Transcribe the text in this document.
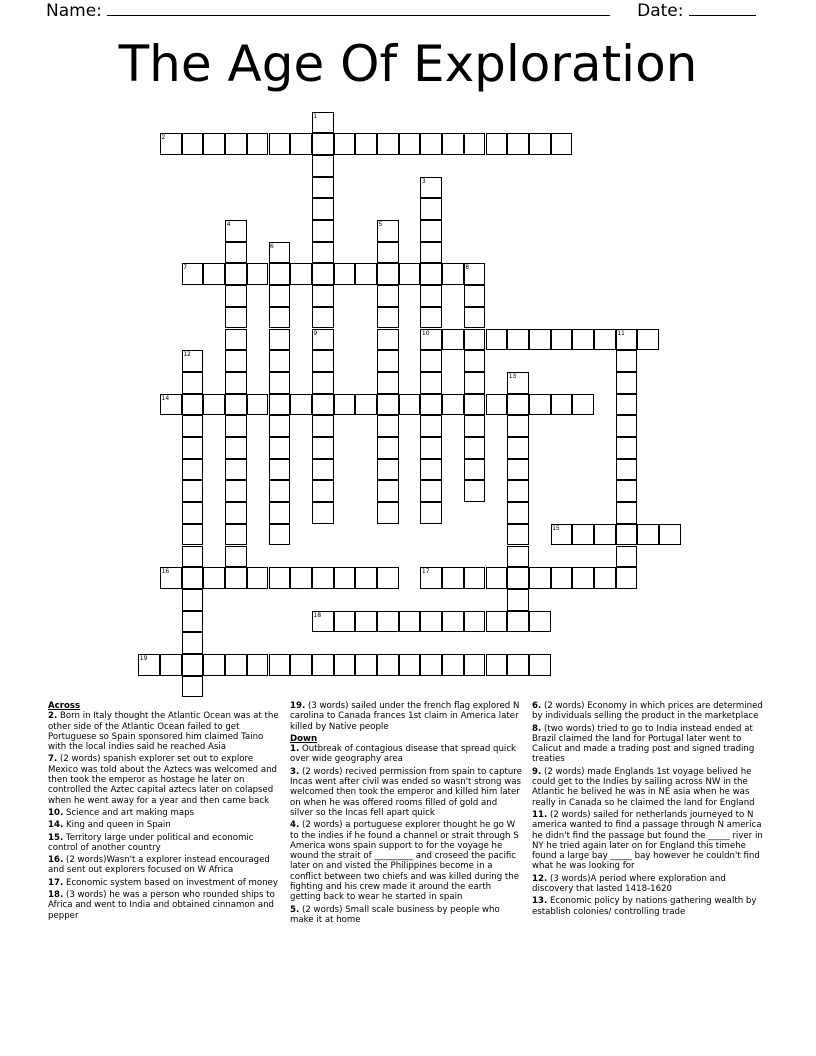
Name:	Date:
The Age Of Exploration
2
7
10
14
15
16	17
18
19
1
3
4	5
6
8
9	11
12
13
Across
2. Born in Italy thought the Atlantic Ocean was at the other side of the Atlantic Ocean failed to get Portuguese so Spain sponsored him claimed Taino with the local indies said he reached Asia
7. (2 words) spanish explorer set out to explore Mexico was told about the Aztecs was welcomed and then took the emperor as hostage he later on controlled the Aztec capital aztecs later on colapsed when he went away for a year and then came back
10. Science and art making maps
14. King and queen in Spain
15. Territory large under political and economic control of another country
16. (2 words)Wasn't a explorer instead encouraged and sent out explorers focused on W Africa
17. Economic system based on investment of money
18. (3 words) he was a person who rounded ships to Africa and went to India and obtained cinnamon and pepper
19. (3 words) sailed under the french flag explored N carolina to Canada frances 1st claim in America later killed by Native people
Down
1. Outbreak of contagious disease that spread quick over wide geography area
3. (2 words) recived permission from spain to capture Incas went after civil was ended so wasn't strong was welcomed then took the emperor and killed him later on when he was offered rooms filled of gold and silver so the Incas fell apart quick
4. (2 words) a portuguese explorer thought he go W to the indies if he found a channel or strait through S America wons spain support to for the voyage he wound the strait of _________ and croseed the pacific later on and visted the Philippines become in a conflict between two chiefs and was killed during the fighting and his crew made it around the earth getting back to wear he started in spain
5. (2 words) Small scale business by people who make it at home
6. (2 words) Economy in which prices are determined by individuals selling the product in the marketplace
8. (two words) tried to go to India instead ended at Brazil claimed the land for Portugal later went to Calicut and made a trading post and signed trading treaties
9. (2 words) made Englands 1st voyage belived he could get to the Indies by sailing across NW in the Atlantic he belived he was in NE asia when he was really in Canada so he claimed the land for England
11. (2 words) sailed for netherlands journeyed to N america wanted to find a passage through N america he didn't find the passage but found the _____ river in NY he tried again later on for England this timehe found a large bay _____ bay however he couldn't find what he was looking for
12. (3 words)A period where exploration and discovery that lasted 1418-1620
13. Economic policy by nations gathering wealth by establish colonies/ controlling trade
